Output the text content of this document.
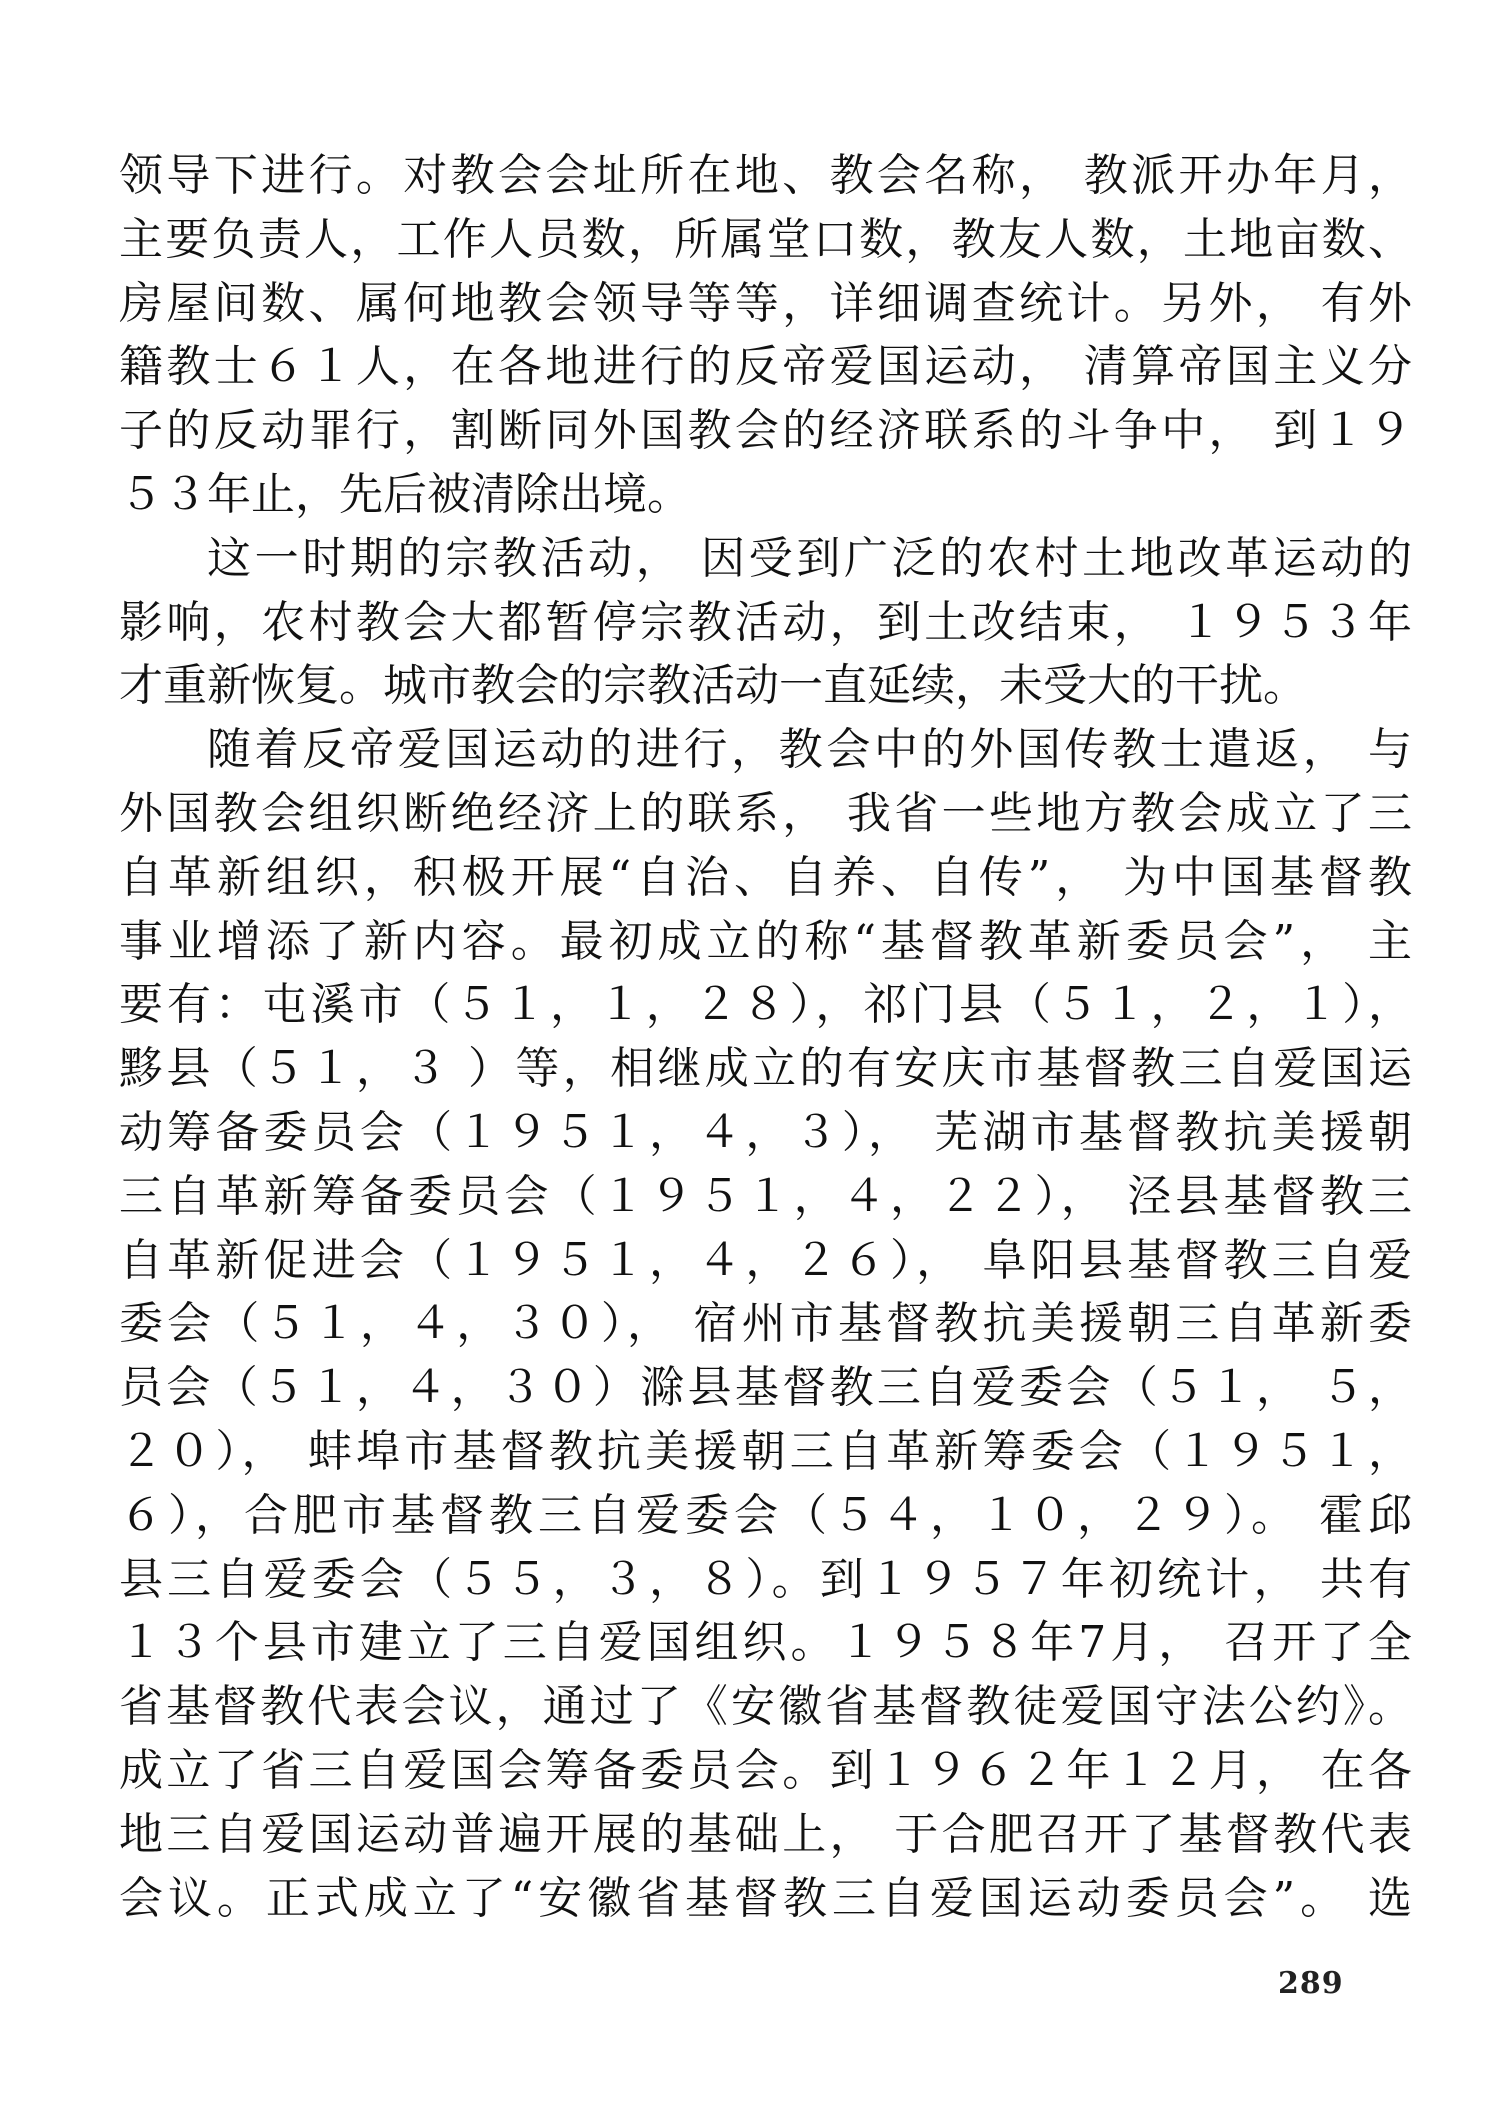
领导下进行。对教会会址所在地、教会名称， 教派开办年月，
主要负责人，工作人员数，所属堂口数，教友人数，土地亩数、
房屋间数、属何地教会领导等等，详细调查统计。另外， 有外
籍教士６１人，在各地进行的反帝爱国运动， 清算帝国主义分
子的反动罪行，割断同外国教会的经济联系的斗争中， 到１９
５３年止，先后被清除出境。
这一时期的宗教活动， 因受到广泛的农村土地改革运动的
影响，农村教会大都暂停宗教活动，到土改结束， １９５３年
才重新恢复。城市教会的宗教活动一直延续，未受大的干扰。
随着反帝爱国运动的进行，教会中的外国传教士遣返， 与
外国教会组织断绝经济上的联系， 我省一些地方教会成立了三
自革新组织，积极开展“自治、自养、自传”， 为中国基督教
事业增添了新内容。最初成立的称“基督教革新委员会”， 主
要有：屯溪市（５１，１，２８），祁门县（５１，２，１），
黟县（５１，３ ）等，相继成立的有安庆市基督教三自爱国运
动筹备委员会（１９５１，４，３）， 芜湖市基督教抗美援朝
三自革新筹备委员会（１９５１，４，２２）， 泾县基督教三
自革新促进会（１９５１，４，２６）， 阜阳县基督教三自爱
委会（５１，４，３０）， 宿州市基督教抗美援朝三自革新委
员会（５１，４，３０）滁县基督教三自爱委会（５１， ５，
２０）， 蚌埠市基督教抗美援朝三自革新筹委会（１９５１，
６），合肥市基督教三自爱委会（５４，１０，２９）。 霍邱
县三自爱委会（５５，３，８）。到１９５７年初统计， 共有
１３个县市建立了三自爱国组织。１９５８年7月， 召开了全
省基督教代表会议，通过了《安徽省基督教徒爱国守法公约》。
成立了省三自爱国会筹备委员会。到１９６２年１２月， 在各
地三自爱国运动普遍开展的基础上， 于合肥召开了基督教代表
会议。正式成立了“安徽省基督教三自爱国运动委员会”。 选
289
